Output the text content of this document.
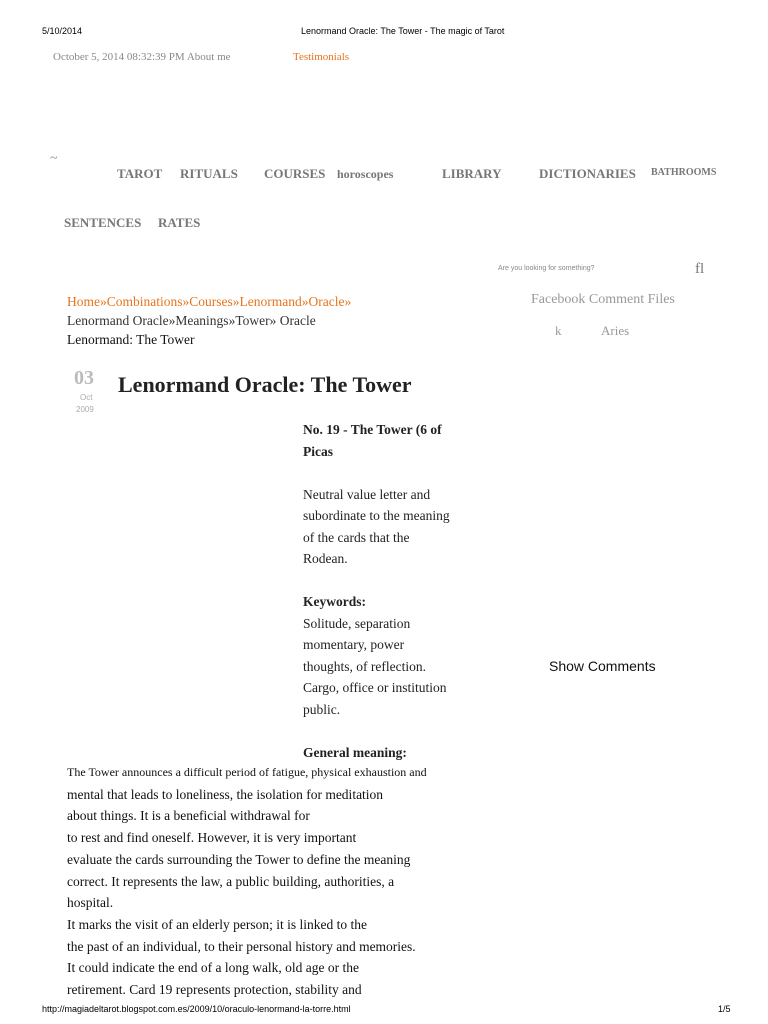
5/10/2014	Lenormand Oracle: The Tower - The magic of Tarot
October 5, 2014 08:32:39 PM About me	Testimonials
~
TAROT RITUALS COURSES horoscopes	LIBRARY	DICTIONARIES BATHROOMS
SENTENCES RATES
Are you looking for something?	fl
Home»Combinations»Courses»Lenormand»Oracle»
Lenormand Oracle»Meanings»Tower» Oracle
Lenormand: The Tower
Facebook Comment Files
k	Aries
Show Comments
03
Oct
2009
Lenormand Oracle: The Tower

No. 19 - The Tower (6 of

Picas

Neutral value letter and

subordinate to the meaning

of the cards that the

Rodean.

Keywords:

Solitude, separation

momentary, power

thoughts, of reflection.

Cargo, office or institution

public.

General meaning:

The Tower announces a difficult period of fatigue, physical exhaustion and
mental that leads to loneliness, the isolation for meditation
about things. It is a beneficial withdrawal for
to rest and find oneself. However, it is very important
evaluate the cards surrounding the Tower to define the meaning
correct. It represents the law, a public building, authorities, a
hospital.
It marks the visit of an elderly person; it is linked to the
the past of an individual, to their personal history and memories.
It could indicate the end of a long walk, old age or the
retirement. Card 19 represents protection, stability and
http://magiadeltarot.blogspot.com.es/2009/10/oraculo-lenormand-la-torre.html	1/5
